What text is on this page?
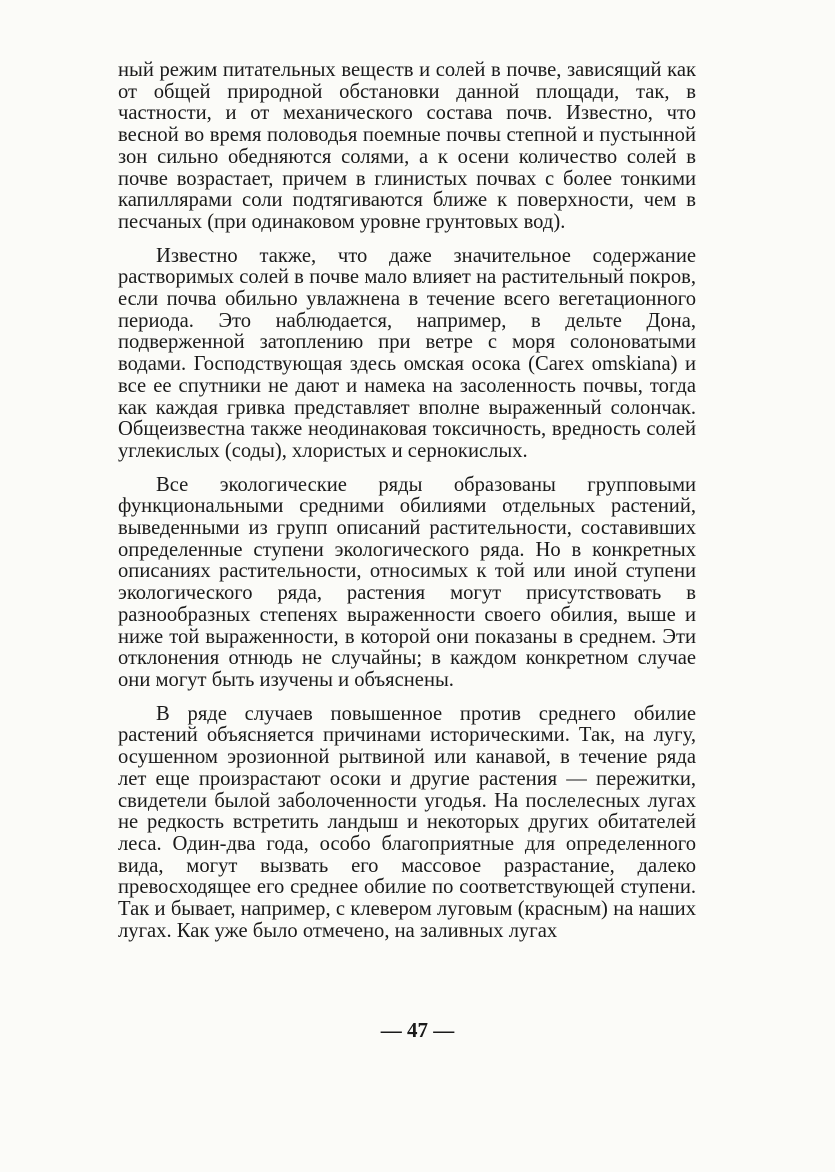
ный режим питательных веществ и солей в почве, зависящий как от общей природной обстановки данной площади, так, в частности, и от механического состава почв. Известно, что весной во время половодья поемные почвы степной и пустынной зон сильно обедняются солями, а к осени количество солей в почве возрастает, причем в глинистых почвах с более тонкими капиллярами соли подтягиваются ближе к поверхности, чем в песчаных (при одинаковом уровне грунтовых вод).

Известно также, что даже значительное содержание растворимых солей в почве мало влияет на растительный покров, если почва обильно увлажнена в течение всего вегетационного периода. Это наблюдается, например, в дельте Дона, подверженной затоплению при ветре с моря солоноватыми водами. Господствующая здесь омская осока (Carex omskiana) и все ее спутники не дают и намека на засоленность почвы, тогда как каждая гривка представляет вполне выраженный солончак. Общеизвестна также неодинаковая токсичность, вредность солей углекислых (соды), хлористых и сернокислых.

Все экологические ряды образованы групповыми функциональными средними обилиями отдельных растений, выведенными из групп описаний растительности, составивших определенные ступени экологического ряда. Но в конкретных описаниях растительности, относимых к той или иной ступени экологического ряда, растения могут присутствовать в разнообразных степенях выраженности своего обилия, выше и ниже той выраженности, в которой они показаны в среднем. Эти отклонения отнюдь не случайны; в каждом конкретном случае они могут быть изучены и объяснены.

В ряде случаев повышенное против среднего обилие растений объясняется причинами историческими. Так, на лугу, осушенном эрозионной рытвиной или канавой, в течение ряда лет еще произрастают осоки и другие растения — пережитки, свидетели былой заболоченности угодья. На послелесных лугах не редкость встретить ландыш и некоторых других обитателей леса. Один-два года, особо благоприятные для определенного вида, могут вызвать его массовое разрастание, далеко превосходящее его среднее обилие по соответствующей ступени. Так и бывает, например, с клевером луговым (красным) на наших лугах. Как уже было отмечено, на заливных лугах

— 47 —
